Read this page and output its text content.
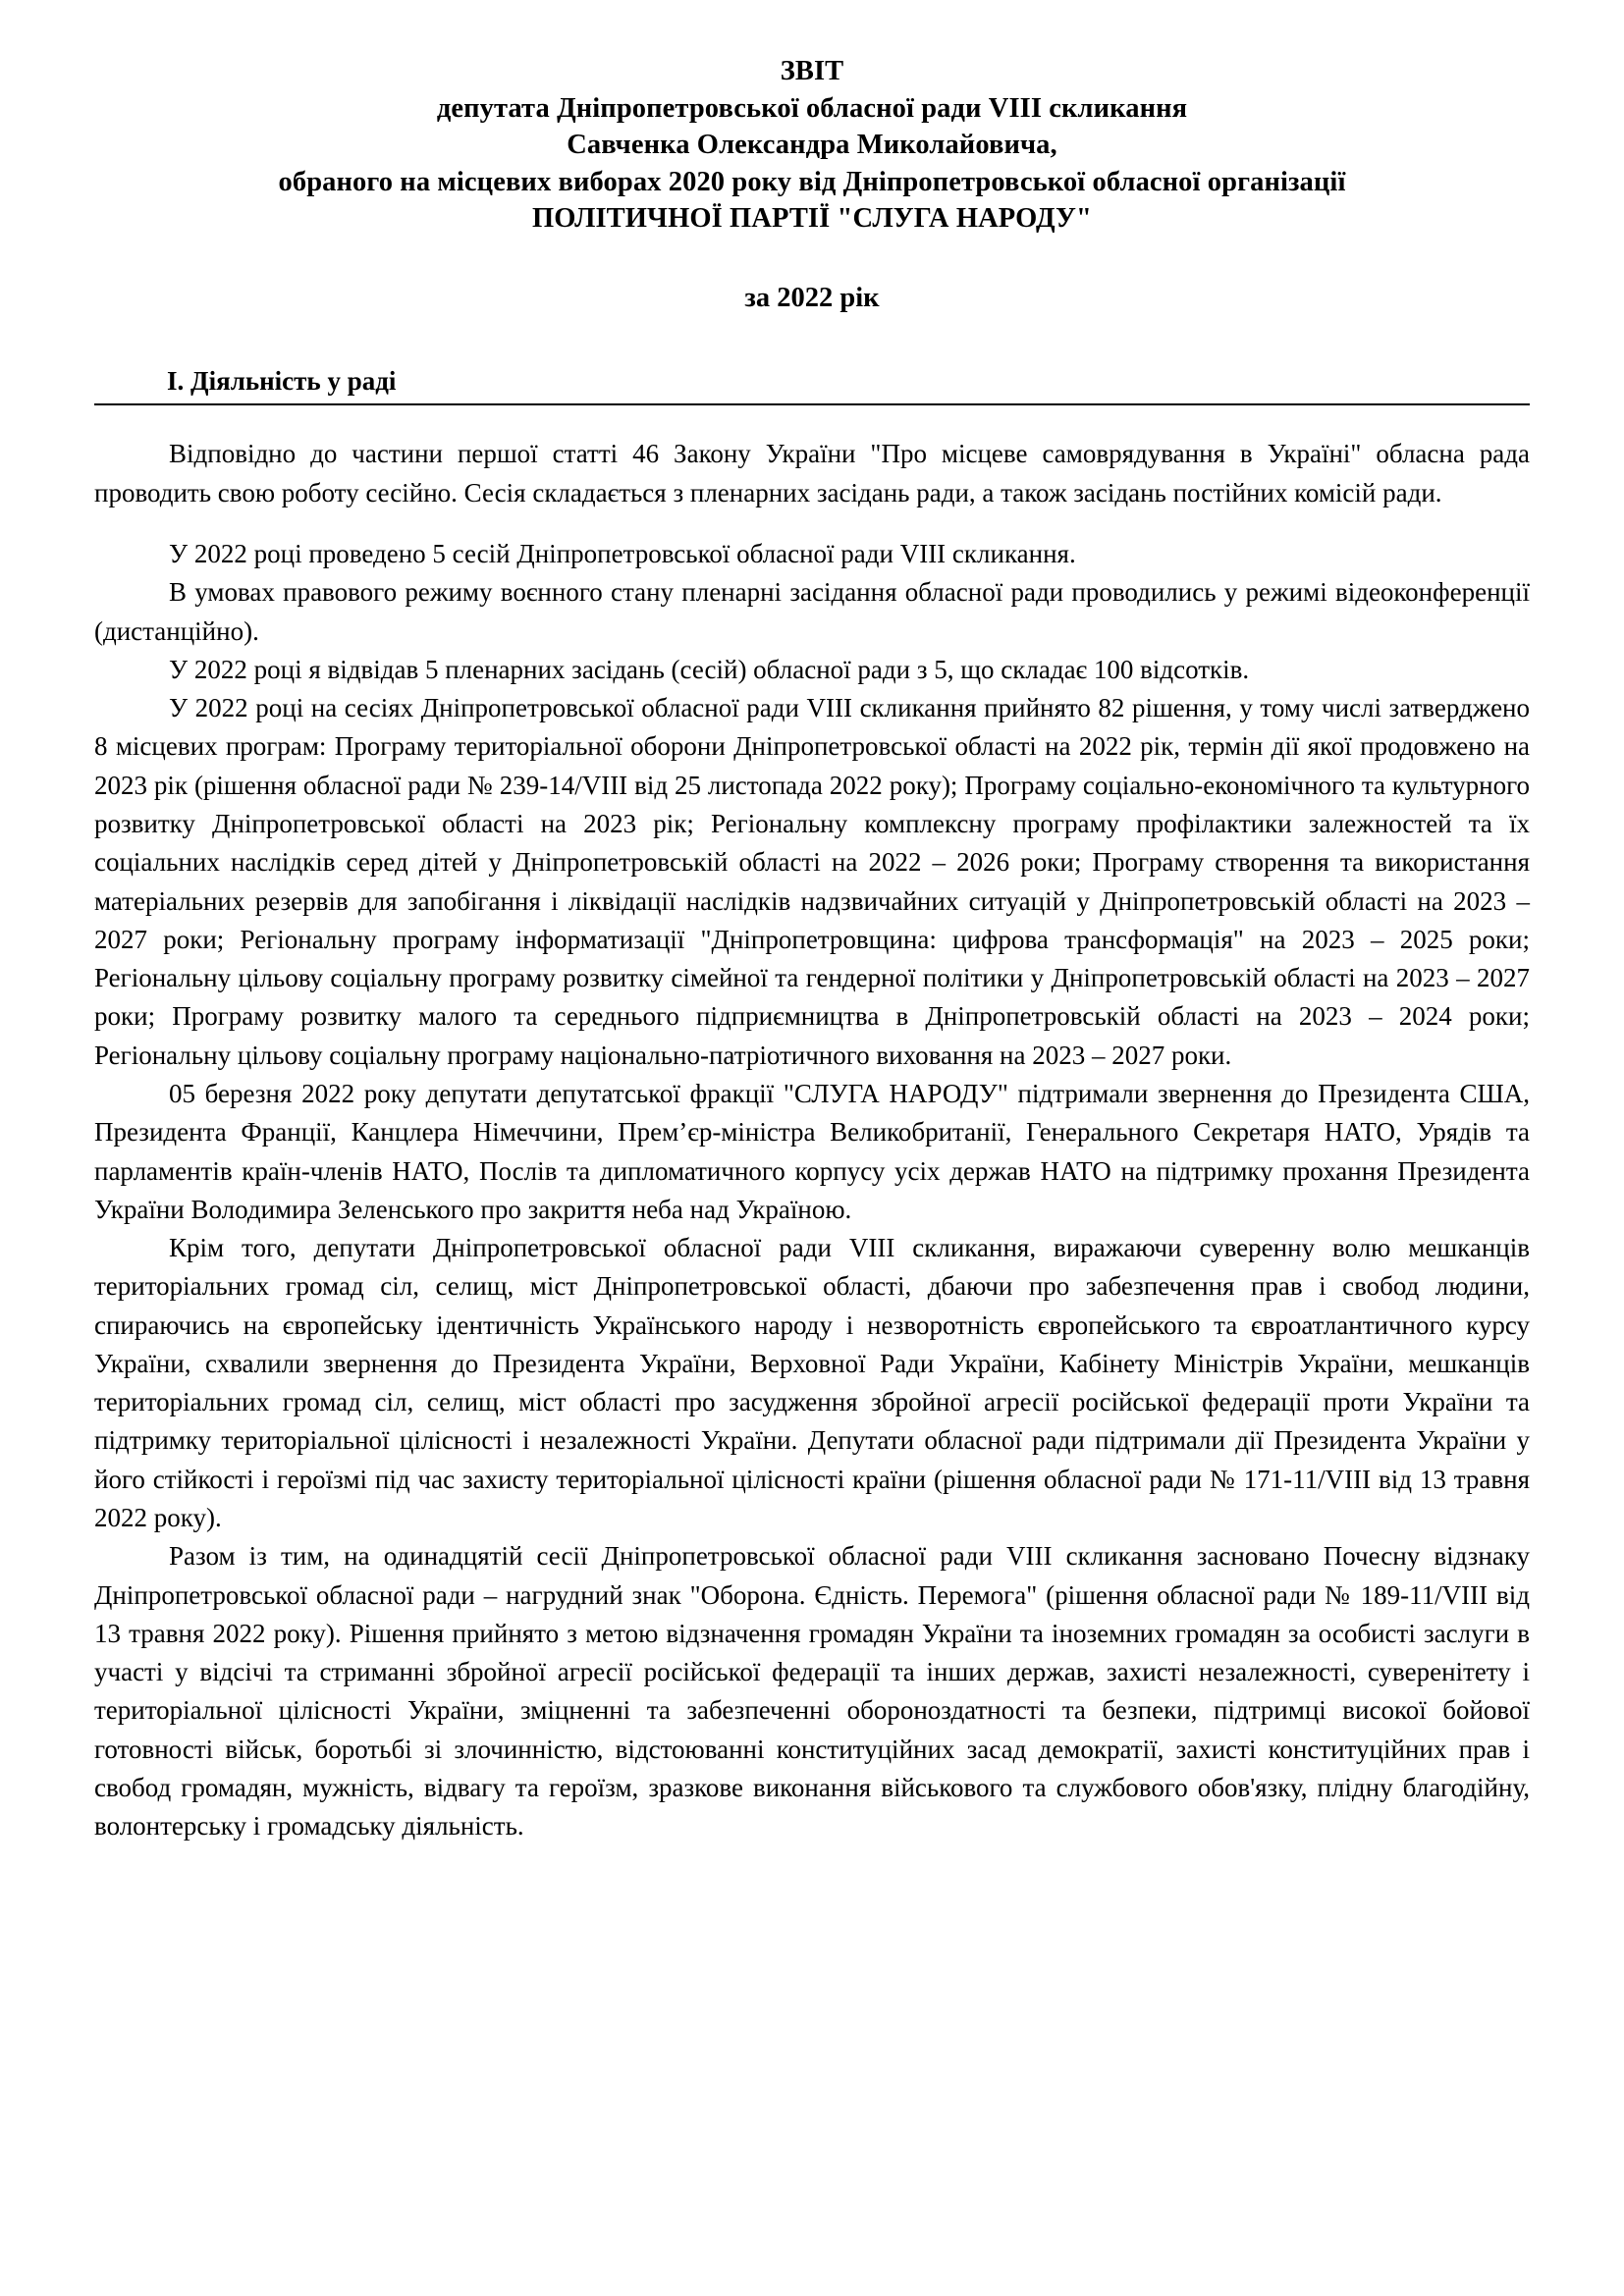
ЗВІТ
депутата Дніпропетровської обласної ради VIII скликання
Савченка Олександра Миколайовича,
обраного на місцевих виборах 2020 року від Дніпропетровської обласної організації
ПОЛІТИЧНОЇ ПАРТІЇ "СЛУГА НАРОДУ"
за 2022 рік
I. Діяльність у раді

Відповідно до частини першої статті 46 Закону України "Про місцеве самоврядування в Україні" обласна рада проводить свою роботу сесійно. Сесія складається з пленарних засідань ради, а також засідань постійних комісій ради.

У 2022 році проведено 5 сесій Дніпропетровської обласної ради VIII скликання.

В умовах правового режиму воєнного стану пленарні засідання обласної ради проводились у режимі відеоконференції (дистанційно).

У 2022 році я відвідав 5 пленарних засідань (сесій) обласної ради з 5, що складає 100 відсотків.

У 2022 році на сесіях Дніпропетровської обласної ради VIII скликання прийнято 82 рішення, у тому числі затверджено 8 місцевих програм: Програму територіальної оборони Дніпропетровської області на 2022 рік, термін дії якої продовжено на 2023 рік (рішення обласної ради № 239-14/VIII від 25 листопада 2022 року); Програму соціально-економічного та культурного розвитку Дніпропетровської області на 2023 рік; Регіональну комплексну програму профілактики залежностей та їх соціальних наслідків серед дітей у Дніпропетровській області на 2022 – 2026 роки; Програму створення та використання матеріальних резервів для запобігання і ліквідації наслідків надзвичайних ситуацій у Дніпропетровській області на 2023 – 2027 роки; Регіональну програму інформатизації "Дніпропетровщина: цифрова трансформація" на 2023 – 2025 роки; Регіональну цільову соціальну програму розвитку сімейної та гендерної політики у Дніпропетровській області на 2023 – 2027 роки; Програму розвитку малого та середнього підприємництва в Дніпропетровській області на 2023 – 2024 роки; Регіональну цільову соціальну програму національно-патріотичного виховання на 2023 – 2027 роки.

05 березня 2022 року депутати депутатської фракції "СЛУГА НАРОДУ" підтримали звернення до Президента США, Президента Франції, Канцлера Німеччини, Прем’єр-міністра Великобританії, Генерального Секретаря НАТО, Урядів та парламентів країн-членів НАТО, Послів та дипломатичного корпусу усіх держав НАТО на підтримку прохання Президента України Володимира Зеленського про закриття неба над Україною.

Крім того, депутати Дніпропетровської обласної ради VIII скликання, виражаючи суверенну волю мешканців територіальних громад сіл, селищ, міст Дніпропетровської області, дбаючи про забезпечення прав і свобод людини, спираючись на європейську ідентичність Українського народу і незворотність європейського та євроатлантичного курсу України, схвалили звернення до Президента України, Верховної Ради України, Кабінету Міністрів України, мешканців територіальних громад сіл, селищ, міст області про засудження збройної агресії російської федерації проти України та підтримку територіальної цілісності і незалежності України. Депутати обласної ради підтримали дії Президента України у його стійкості і героїзмі під час захисту територіальної цілісності країни (рішення обласної ради № 171-11/VIII від 13 травня 2022 року).

Разом із тим, на одинадцятій сесії Дніпропетровської обласної ради VIII скликання засновано Почесну відзнаку Дніпропетровської обласної ради – нагрудний знак "Оборона. Єдність. Перемога" (рішення обласної ради № 189-11/VIII від 13 травня 2022 року). Рішення прийнято з метою відзначення громадян України та іноземних громадян за особисті заслуги в участі у відсічі та стриманні збройної агресії російської федерації та інших держав, захисті незалежності, суверенітету і територіальної цілісності України, зміцненні та забезпеченні обороноздатності та безпеки, підтримці високої бойової готовності військ, боротьбі зі злочинністю, відстоюванні конституційних засад демократії, захисті конституційних прав і свобод громадян, мужність, відвагу та героїзм, зразкове виконання військового та службового обов'язку, плідну благодійну, волонтерську і громадську діяльність.
